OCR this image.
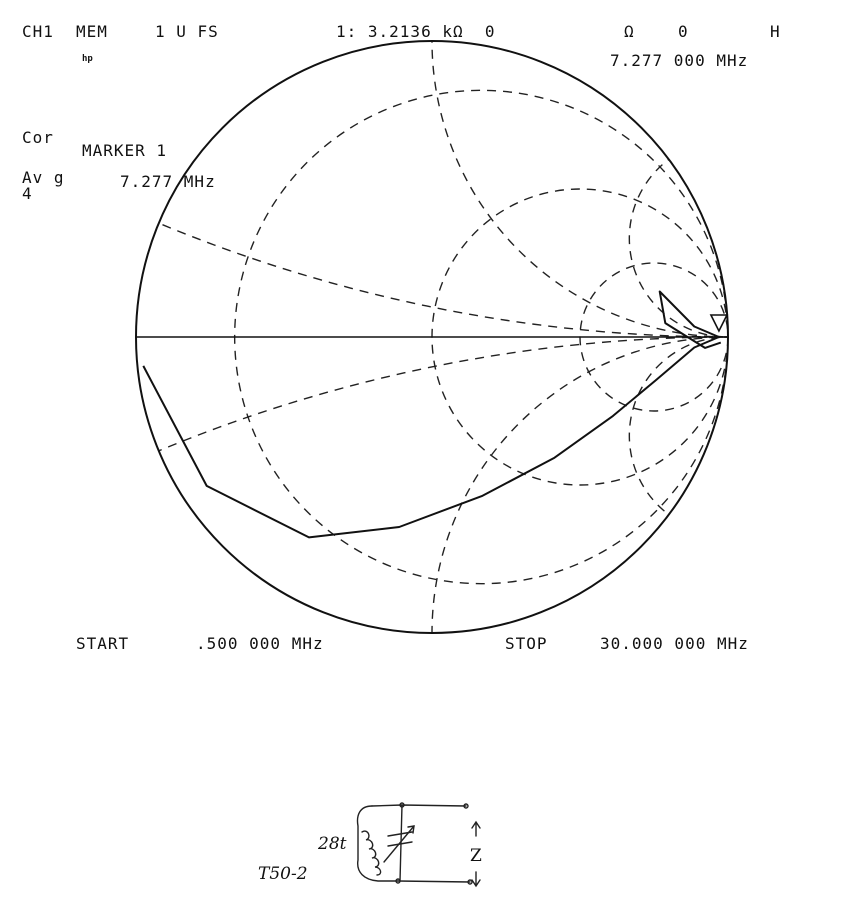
CH1 MEM	1 U FS	1: 3.2136 kΩ  0	Ω	0	H
hp	7.277 000 MHz
Cor
MARKER 1
Av g
4
7.277 MHz
START	.500 000 MHz	STOP	30.000 000 MHz
28t
T50-2
Z
